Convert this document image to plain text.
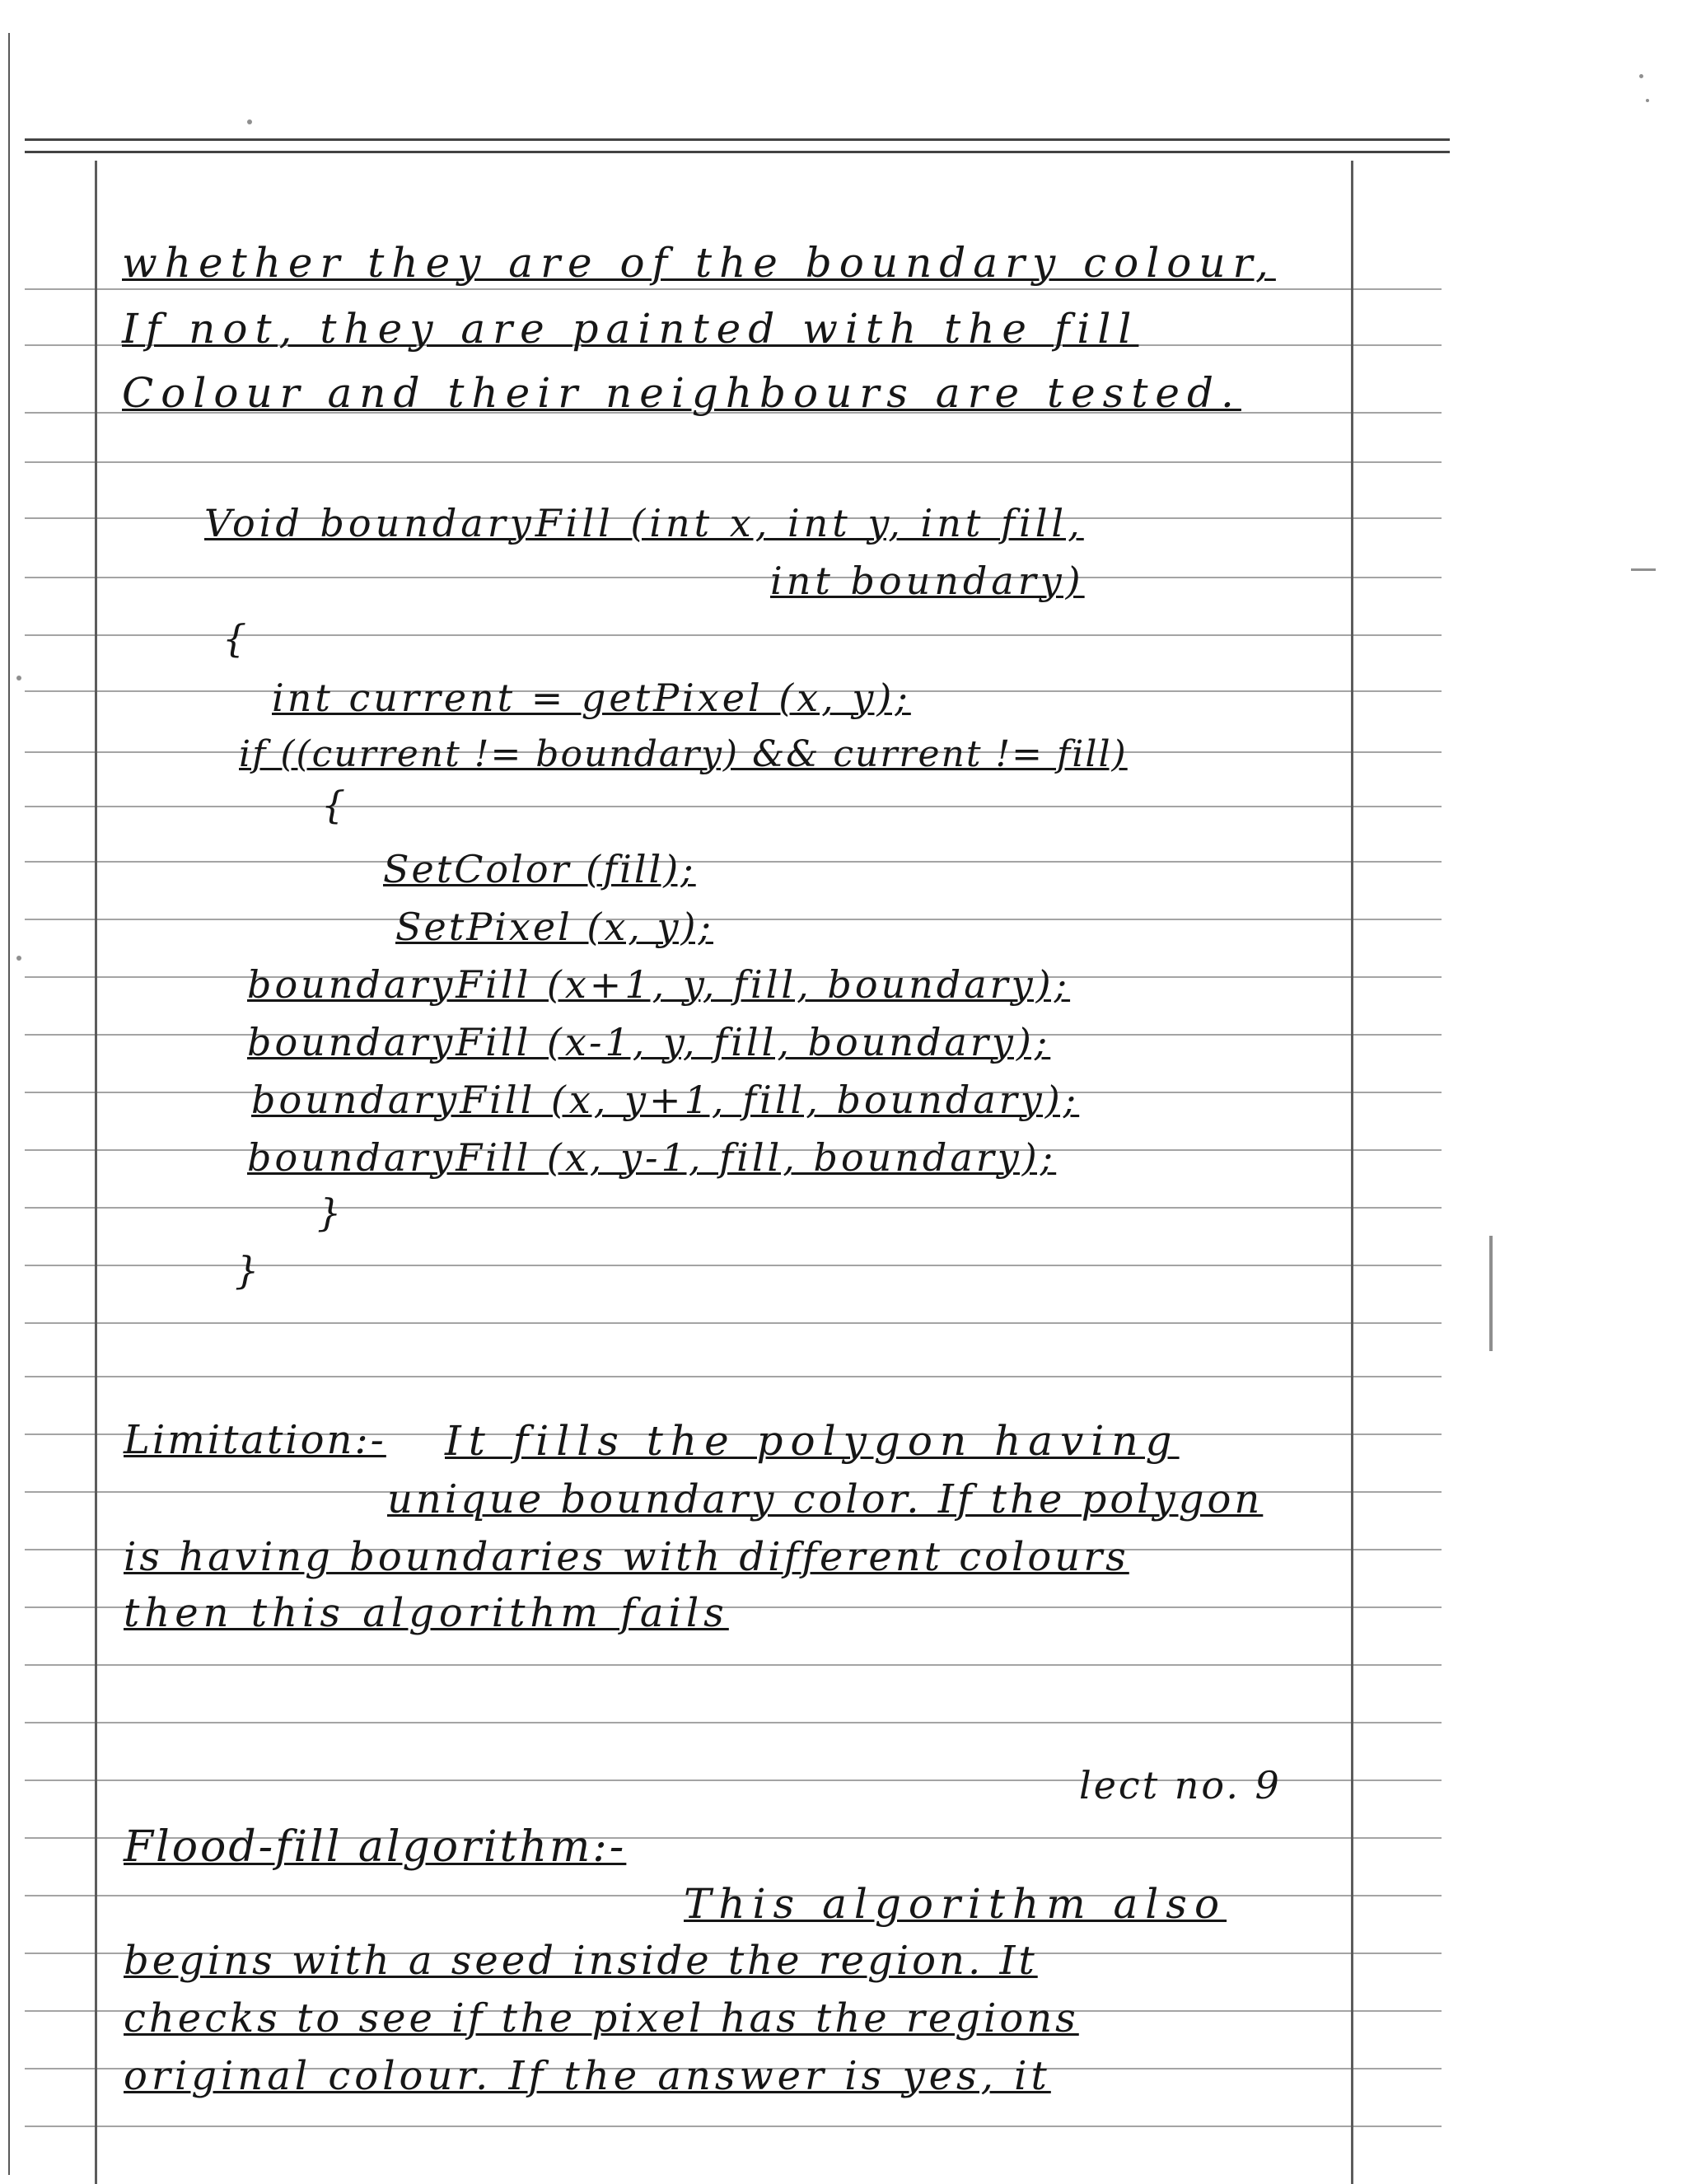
whether they are of the boundary colour,
If not, they are painted with the fill
Colour and their neighbours are tested.
Void boundaryFill (int x, int y, int fill,
int boundary)
{
int current = getPixel (x, y);
if ((current != boundary) && current != fill)
{
SetColor (fill);
SetPixel (x, y);
boundaryFill (x+1, y, fill, boundary);
boundaryFill (x-1, y, fill, boundary);
boundaryFill (x, y+1, fill, boundary);
boundaryFill (x, y-1, fill, boundary);
}
}
Limitation:- It fills the polygon having
unique boundary color. If the polygon
is having boundaries with different colours
then this algorithm fails
lect no. 9
Flood-fill algorithm:-
This algorithm also
begins with a seed inside the region. It
checks to see if the pixel has the regions
original colour. If the answer is yes, it
